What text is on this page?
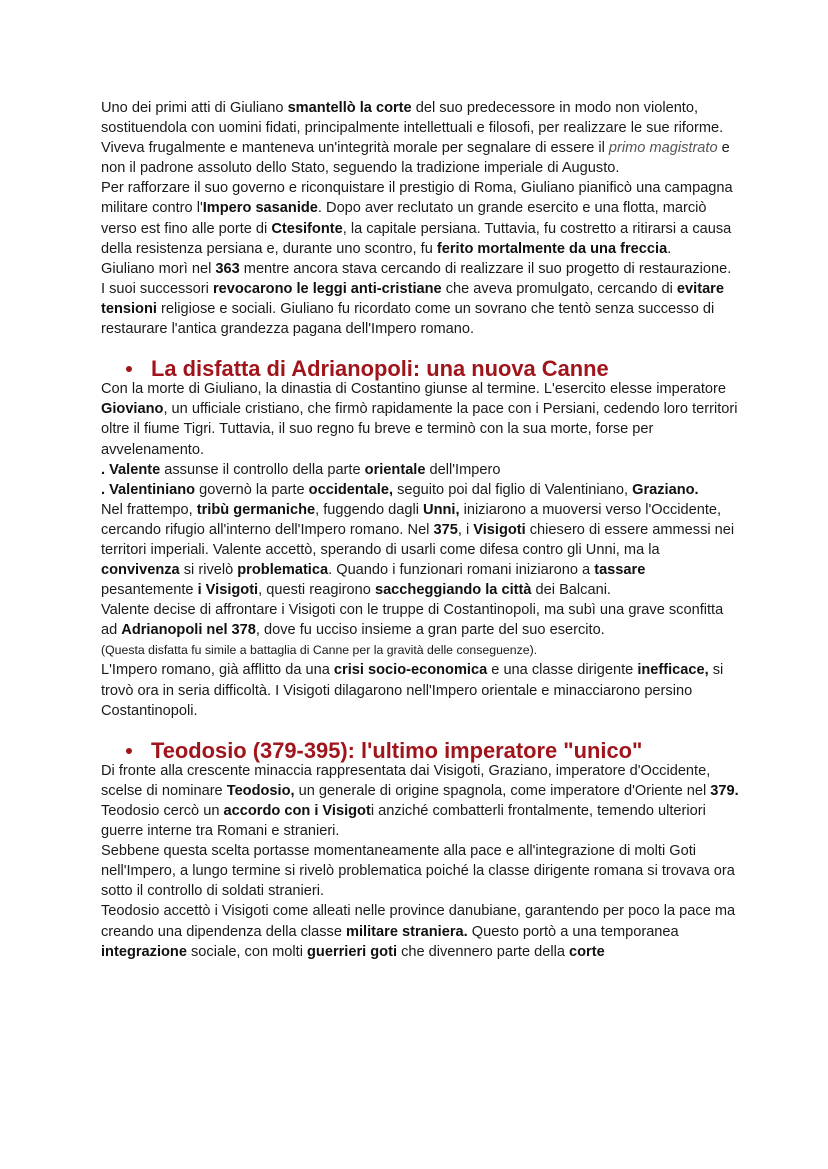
Uno dei primi atti di Giuliano smantellò la corte del suo predecessore in modo non violento, sostituendola con uomini fidati, principalmente intellettuali e filosofi, per realizzare le sue riforme.

Viveva frugalmente e manteneva un'integrità morale per segnalare di essere il primo magistrato e non il padrone assoluto dello Stato, seguendo la tradizione imperiale di Augusto.

Per rafforzare il suo governo e riconquistare il prestigio di Roma, Giuliano pianificò una campagna militare contro l'Impero sasanide. Dopo aver reclutato un grande esercito e una flotta, marciò verso est fino alle porte di Ctesifonte, la capitale persiana. Tuttavia, fu costretto a ritirarsi a causa della resistenza persiana e, durante uno scontro, fu ferito mortalmente da una freccia.

Giuliano morì nel 363 mentre ancora stava cercando di realizzare il suo progetto di restaurazione.

I suoi successori revocarono le leggi anti-cristiane che aveva promulgato, cercando di evitare tensioni religiose e sociali. Giuliano fu ricordato come un sovrano che tentò senza successo di restaurare l'antica grandezza pagana dell'Impero romano.

La disfatta di Adrianopoli: una nuova Canne

Con la morte di Giuliano, la dinastia di Costantino giunse al termine. L'esercito elesse imperatore Gioviano, un ufficiale cristiano, che firmò rapidamente la pace con i Persiani, cedendo loro territori oltre il fiume Tigri. Tuttavia, il suo regno fu breve e terminò con la sua morte, forse per avvelenamento.

. Valente assunse il controllo della parte orientale dell'Impero

. Valentiniano governò la parte occidentale, seguito poi dal figlio di Valentiniano, Graziano.

Nel frattempo, tribù germaniche, fuggendo dagli Unni, iniziarono a muoversi verso l'Occidente, cercando rifugio all'interno dell'Impero romano. Nel 375, i Visigoti chiesero di essere ammessi nei territori imperiali. Valente accettò, sperando di usarli come difesa contro gli Unni, ma la convivenza si rivelò problematica. Quando i funzionari romani iniziarono a tassare pesantemente i Visigoti, questi reagirono saccheggiando la città dei Balcani.

Valente decise di affrontare i Visigoti con le truppe di Costantinopoli, ma subì una grave sconfitta ad Adrianopoli nel 378, dove fu ucciso insieme a gran parte del suo esercito.

(Questa disfatta fu simile a battaglia di Canne per la gravità delle conseguenze).

L'Impero romano, già afflitto da una crisi socio-economica e una classe dirigente inefficace, si trovò ora in seria difficoltà. I Visigoti dilagarono nell'Impero orientale e minacciarono persino Costantinopoli.

Teodosio (379-395): l'ultimo imperatore "unico"

Di fronte alla crescente minaccia rappresentata dai Visigoti, Graziano, imperatore d'Occidente, scelse di nominare Teodosio, un generale di origine spagnola, come imperatore d'Oriente nel 379. Teodosio cercò un accordo con i Visigoti anziché combatterli frontalmente, temendo ulteriori guerre interne tra Romani e stranieri.

Sebbene questa scelta portasse momentaneamente alla pace e all'integrazione di molti Goti nell'Impero, a lungo termine si rivelò problematica poiché la classe dirigente romana si trovava ora sotto il controllo di soldati stranieri.

Teodosio accettò i Visigoti come alleati nelle province danubiane, garantendo per poco la pace ma creando una dipendenza della classe militare straniera. Questo portò a una temporanea integrazione sociale, con molti guerrieri goti che divennero parte della corte
